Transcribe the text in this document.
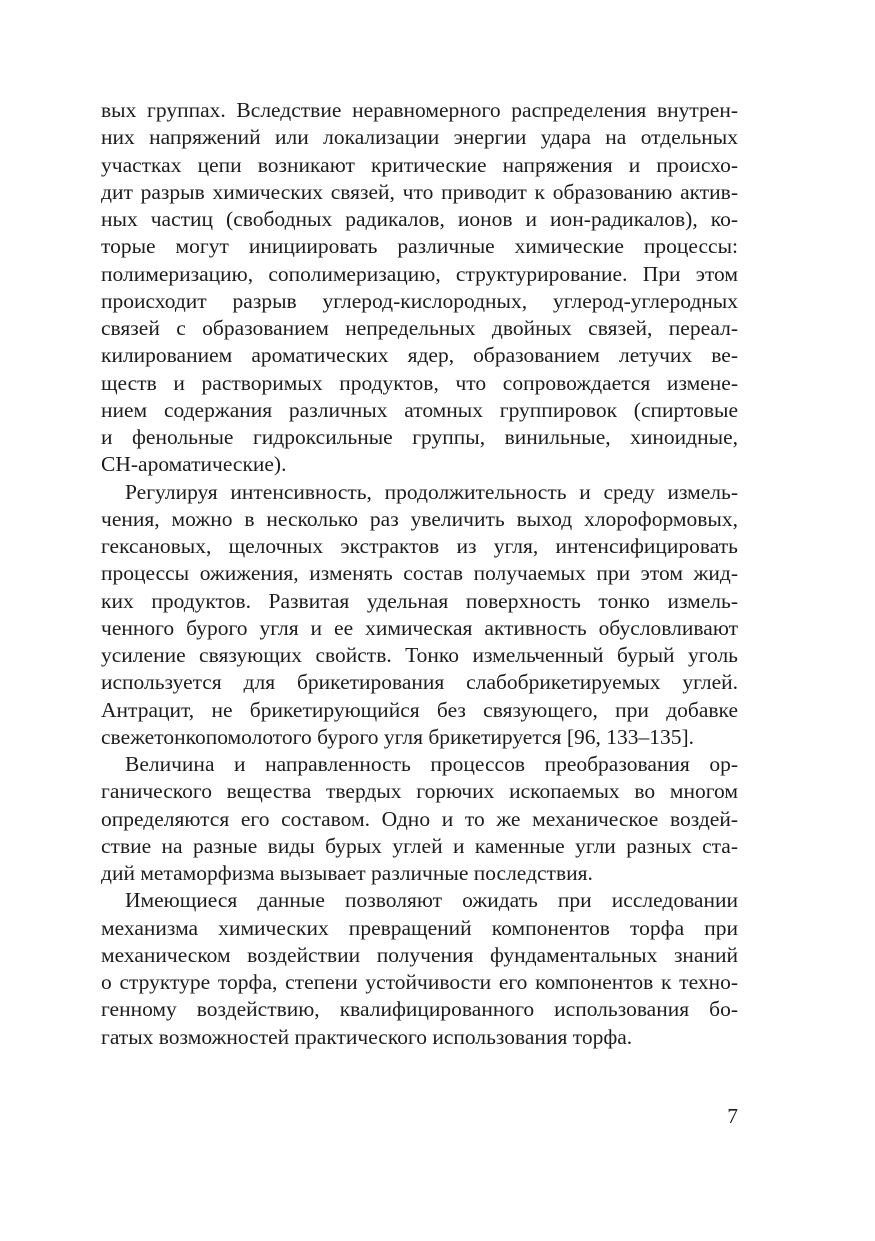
вых группах. Вследствие неравномерного распределения внутрен-
них напряжений или локализации энергии удара на отдельных
участках цепи возникают критические напряжения и происхо-
дит разрыв химических связей, что приводит к образованию актив-
ных частиц (свободных радикалов, ионов и ион-радикалов), ко-
торые могут инициировать различные химические процессы:
полимеризацию, сополимеризацию, структурирование. При этом
происходит разрыв углерод-кислородных, углерод-углеродных
связей с образованием непредельных двойных связей, переал-
килированием ароматических ядер, образованием летучих ве-
ществ и растворимых продуктов, что сопровождается измене-
нием содержания различных атомных группировок (спиртовые
и фенольные гидроксильные группы, винильные, хиноидные,
СН-ароматические).
Регулируя интенсивность, продолжительность и среду измель-
чения, можно в несколько раз увеличить выход хлороформовых,
гексановых, щелочных экстрактов из угля, интенсифицировать
процессы ожижения, изменять состав получаемых при этом жид-
ких продуктов. Развитая удельная поверхность тонко измель-
ченного бурого угля и ее химическая активность обусловливают
усиление связующих свойств. Тонко измельченный бурый уголь
используется для брикетирования слабобрикетируемых углей.
Антрацит, не брикетирующийся без связующего, при добавке
свежетонкопомолотого бурого угля брикетируется [96, 133–135].
Величина и направленность процессов преобразования ор-
ганического вещества твердых горючих ископаемых во многом
определяются его составом. Одно и то же механическое воздей-
ствие на разные виды бурых углей и каменные угли разных ста-
дий метаморфизма вызывает различные последствия.
Имеющиеся данные позволяют ожидать при исследовании
механизма химических превращений компонентов торфа при
механическом воздействии получения фундаментальных знаний
о структуре торфа, степени устойчивости его компонентов к техно-
генному воздействию, квалифицированного использования бо-
гатых возможностей практического использования торфа.
7
